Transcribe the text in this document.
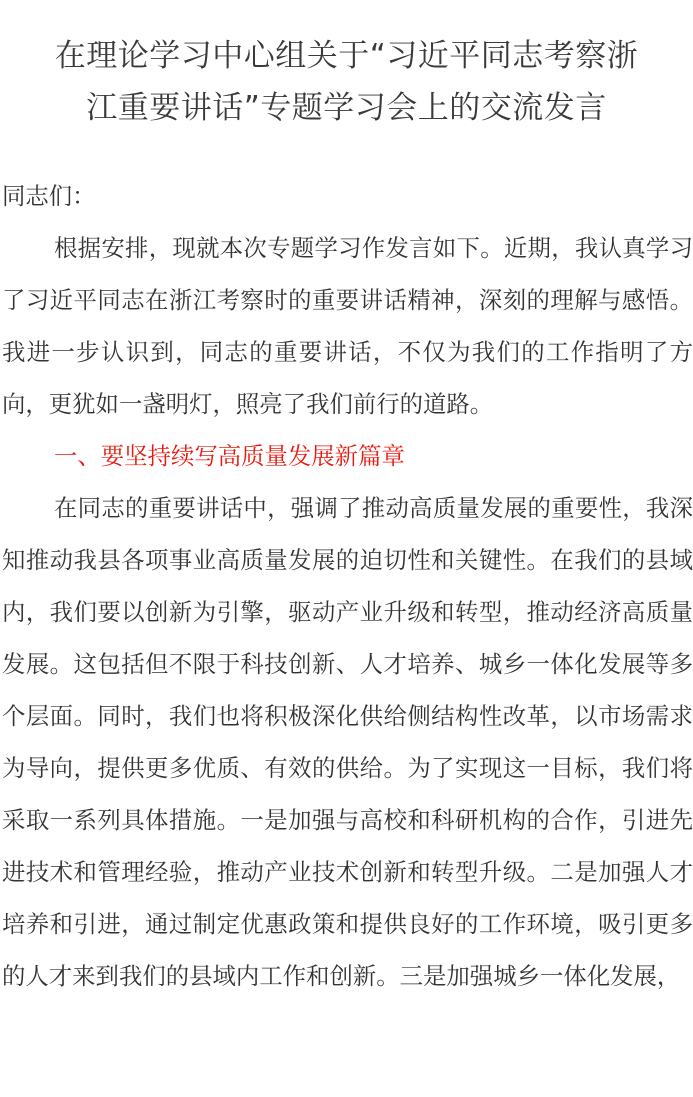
在理论学习中心组关于“习近平同志考察浙
江重要讲话”专题学习会上的交流发言

同志们：

根据安排，现就本次专题学习作发言如下。近期，我认真学习了习近平同志在浙江考察时的重要讲话精神，深刻的理解与感悟。我进一步认识到，同志的重要讲话，不仅为我们的工作指明了方向，更犹如一盏明灯，照亮了我们前行的道路。

一、要坚持续写高质量发展新篇章

在同志的重要讲话中，强调了推动高质量发展的重要性，我深知推动我县各项事业高质量发展的迫切性和关键性。在我们的县域内，我们要以创新为引擎，驱动产业升级和转型，推动经济高质量发展。这包括但不限于科技创新、人才培养、城乡一体化发展等多个层面。同时，我们也将积极深化供给侧结构性改革，以市场需求为导向，提供更多优质、有效的供给。为了实现这一目标，我们将采取一系列具体措施。一是加强与高校和科研机构的合作，引进先进技术和管理经验，推动产业技术创新和转型升级。二是加强人才培养和引进，通过制定优惠政策和提供良好的工作环境，吸引更多的人才来到我们的县域内工作和创新。三是加强城乡一体化发展，
